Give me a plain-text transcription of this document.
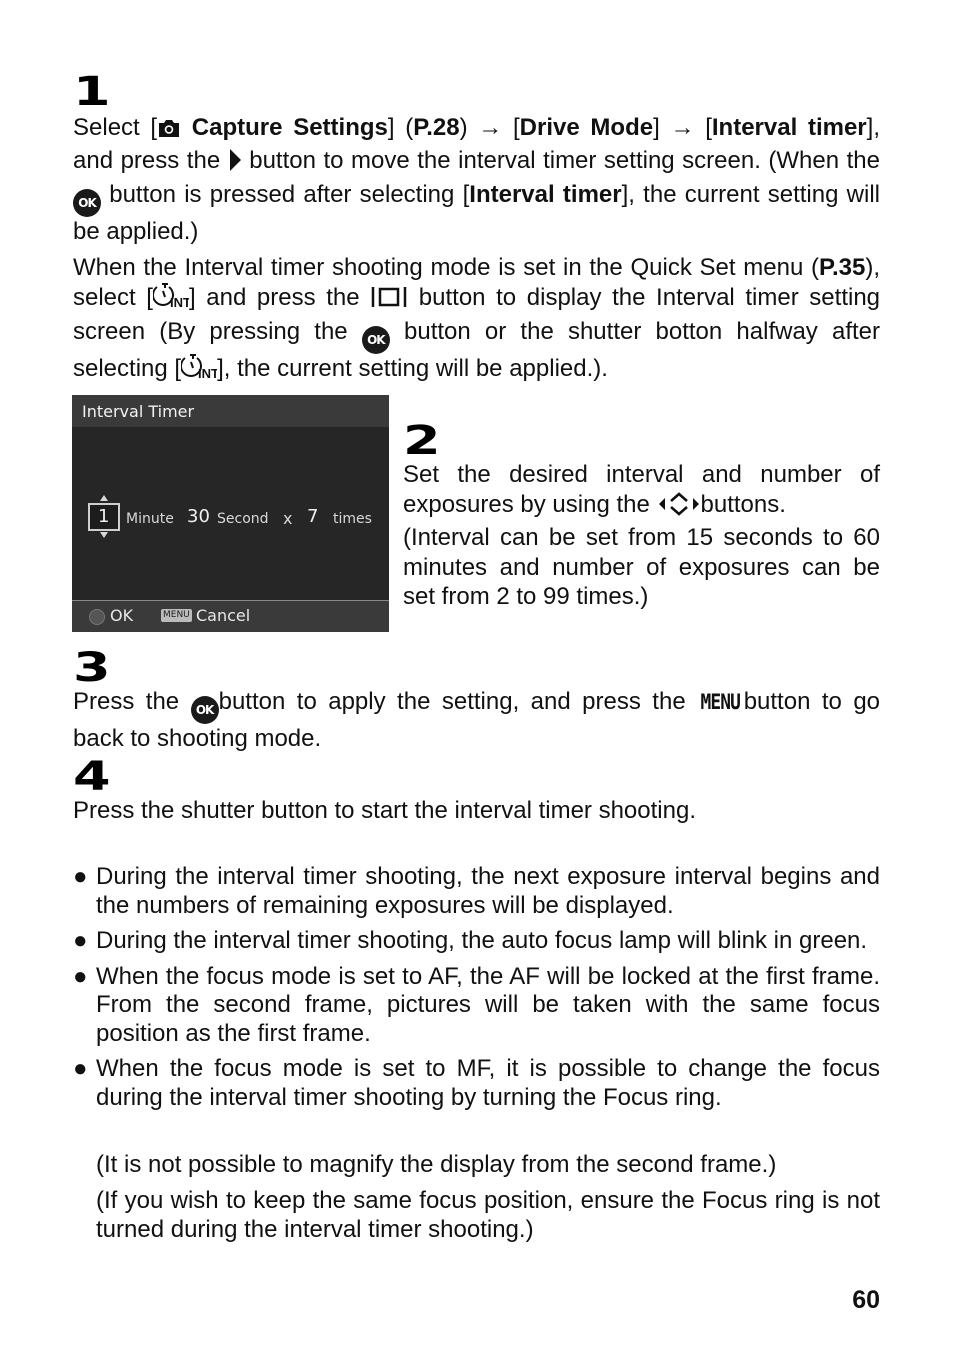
1

Select [ Capture Settings] (P.28) → [Drive Mode] → [Interval timer], and press the  button to move the interval timer setting screen. (When the OK button is pressed after selecting [Interval timer], the current setting will be applied.)

When the Interval timer shooting mode is set in the Quick Set menu (P.35), select [ INT
] and press the  button to display the Interval timer setting screen (By pressing the OK button or the shutter botton halfway after selecting [ INT
], the current setting will be applied.).

Interval Timer
1 Minute 30 Second x 7 times
OK	MENU Cancel
2

Set the desired interval and number of exposures by using the buttons.
(Interval can be set from 15 seconds to 60 minutes and number of exposures can be set from 2 to 99 times.)

3

Press the OK button to apply the setting, and press the MENU button to go back to shooting mode.

4

Press the shutter button to start the interval timer shooting.

● During the interval timer shooting, the next exposure interval begins and the numbers of remaining exposures will be displayed.

● During the interval timer shooting, the auto focus lamp will blink in green.

● When the focus mode is set to AF, the AF will be locked at the first frame. From the second frame, pictures will be taken with the same focus position as the first frame.

● When the focus mode is set to MF, it is possible to change the focus during the interval timer shooting by turning the Focus ring.

(It is not possible to magnify the display from the second frame.)

(If you wish to keep the same focus position, ensure the Focus ring is not turned during the interval timer shooting.)

60
